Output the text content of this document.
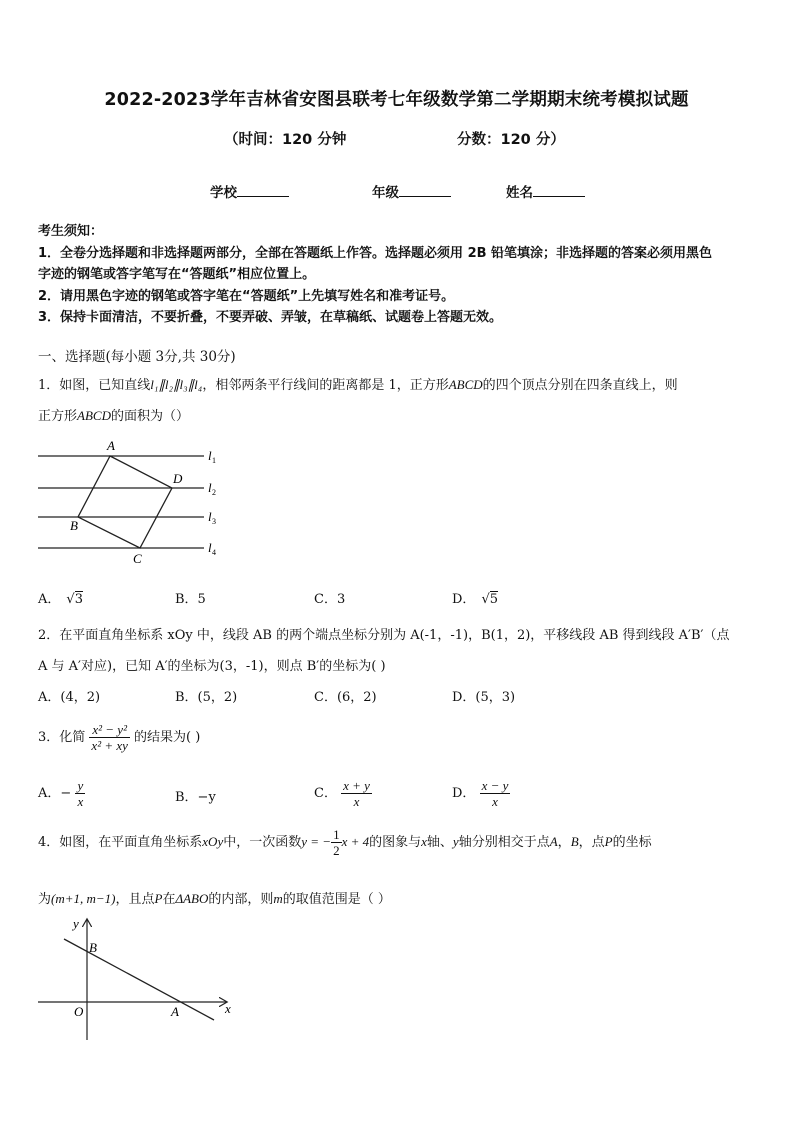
2022-2023学年吉林省安图县联考七年级数学第二学期期末统考模拟试题
（时间：120 分钟	分数：120 分）
学校	年级	姓名
考生须知：
1．全卷分选择题和非选择题两部分，全部在答题纸上作答。选择题必须用 2B 铅笔填涂；非选择题的答案必须用黑色
字迹的钢笔或答字笔写在“答题纸”相应位置上。
2．请用黑色字迹的钢笔或答字笔在“答题纸”上先填写姓名和准考证号。
3．保持卡面清洁，不要折叠，不要弄破、弄皱，在草稿纸、试题卷上答题无效。
一、选择题(每小题 3分,共 30分)
1．如图，已知直线l₁∥l₂∥l₃∥l₄，相邻两条平行线间的距离都是 1，正方形ABCD的四个顶点分别在四条直线上，则
正方形ABCD的面积为（）
A
D
B
C
l 1
l 2
l 3
l 4
A． √3	B．5	C．3	D． √5
2．在平面直角坐标系 xOy 中，线段 AB 的两个端点坐标分别为 A(-1，-1)，B(1，2)，平移线段 AB 得到线段 A′B′（点
A 与 A′对应)，已知 A′的坐标为(3，-1)，则点 B′的坐标为( )
A．(4，2)	B．(5，2)	C．(6，2)	D．(5，3)
3．化简 $\frac{\text{x² − y²}}{\text{x² + xy}}$ 的结果为( )
A．− $\frac{y}{x}$	B．−y	C． $\frac{x + y}{x}$	D． $\frac{x - y}{x}$
4．如图，在平面直角坐标系xOy中，一次函数y = − $\frac{1}{2}$ x + 4的图象与x轴、y轴分别相交于点A，B，点P的坐标
为(m+1, m−1)，且点P在ΔABO的内部，则m的取值范围是（ ）
y
x
O	A
B
